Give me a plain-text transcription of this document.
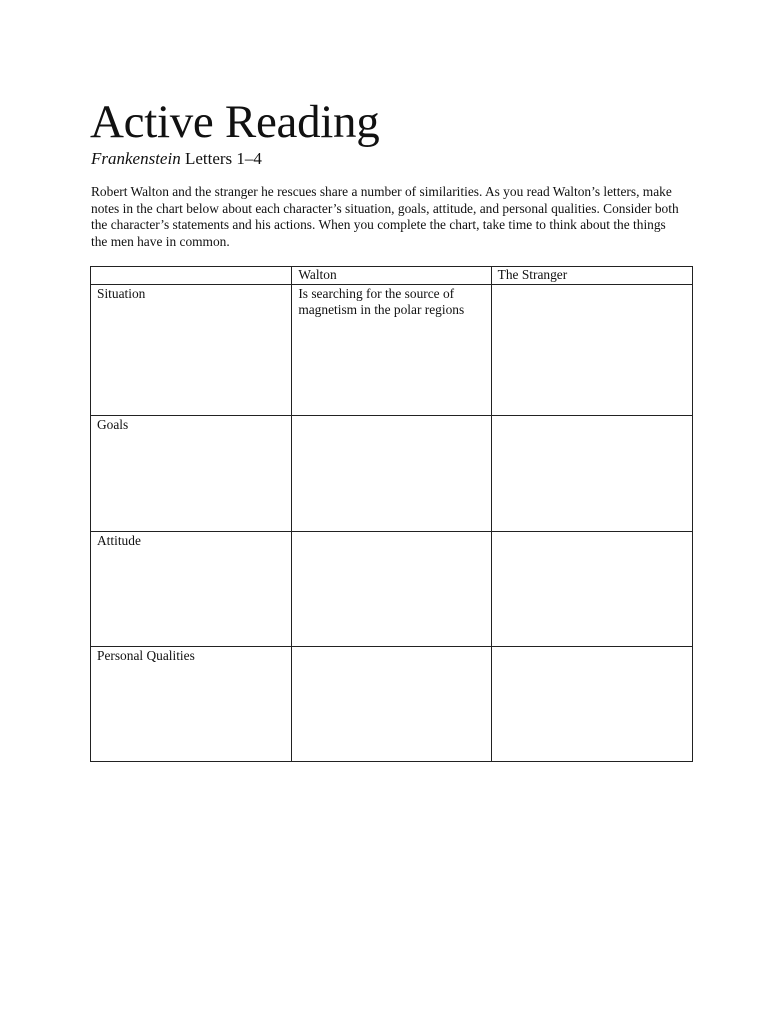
Active Reading

Frankenstein Letters 1–4

Robert Walton and the stranger he rescues share a number of similarities. As you read Walton’s letters, make notes in the chart below about each character’s situation, goals, attitude, and personal qualities. Consider both the character’s statements and his actions. When you complete the chart, take time to think about the things the men have in common.

	Walton	The Stranger
Situation	Is searching for the source of magnetism in the polar regions	
Goals		
Attitude		
Personal Qualities		
